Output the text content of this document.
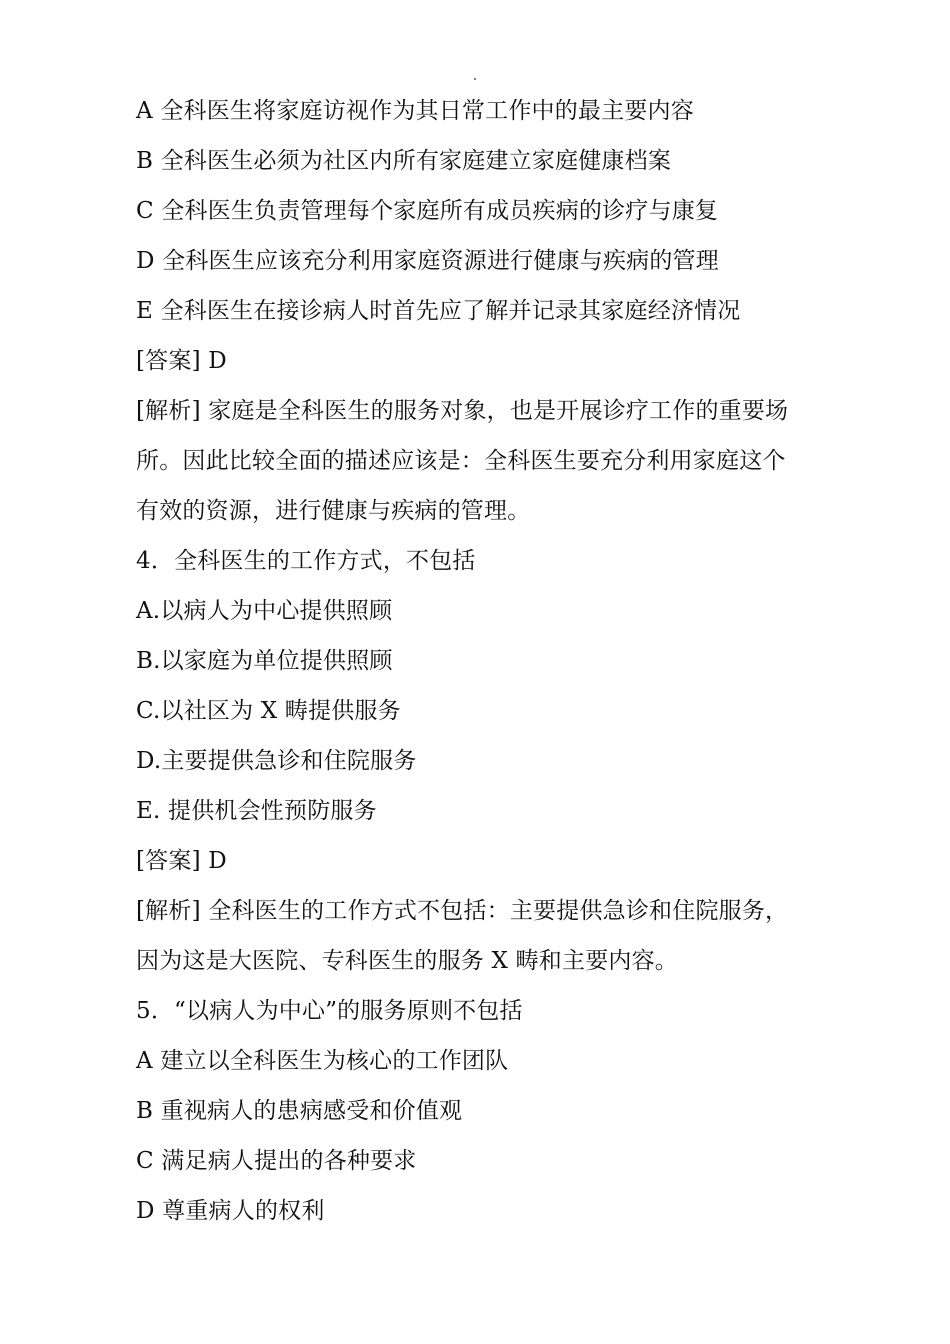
A 全科医生将家庭访视作为其日常工作中的最主要内容
B 全科医生必须为社区内所有家庭建立家庭健康档案
C 全科医生负责管理每个家庭所有成员疾病的诊疗与康复
D 全科医生应该充分利用家庭资源进行健康与疾病的管理
E 全科医生在接诊病人时首先应了解并记录其家庭经济情况
[答案] D
[解析] 家庭是全科医生的服务对象，也是开展诊疗工作的重要场
所。因此比较全面的描述应该是：全科医生要充分利用家庭这个
有效的资源，进行健康与疾病的管理。
4．全科医生的工作方式，不包括
A.以病人为中心提供照顾
B.以家庭为单位提供照顾
C.以社区为 X 畴提供服务
D.主要提供急诊和住院服务
E. 提供机会性预防服务
[答案] D
[解析] 全科医生的工作方式不包括：主要提供急诊和住院服务，
因为这是大医院、专科医生的服务 X 畴和主要内容。
5．“以病人为中心”的服务原则不包括
A 建立以全科医生为核心的工作团队
B 重视病人的患病感受和价值观
C 满足病人提出的各种要求
D 尊重病人的权利
